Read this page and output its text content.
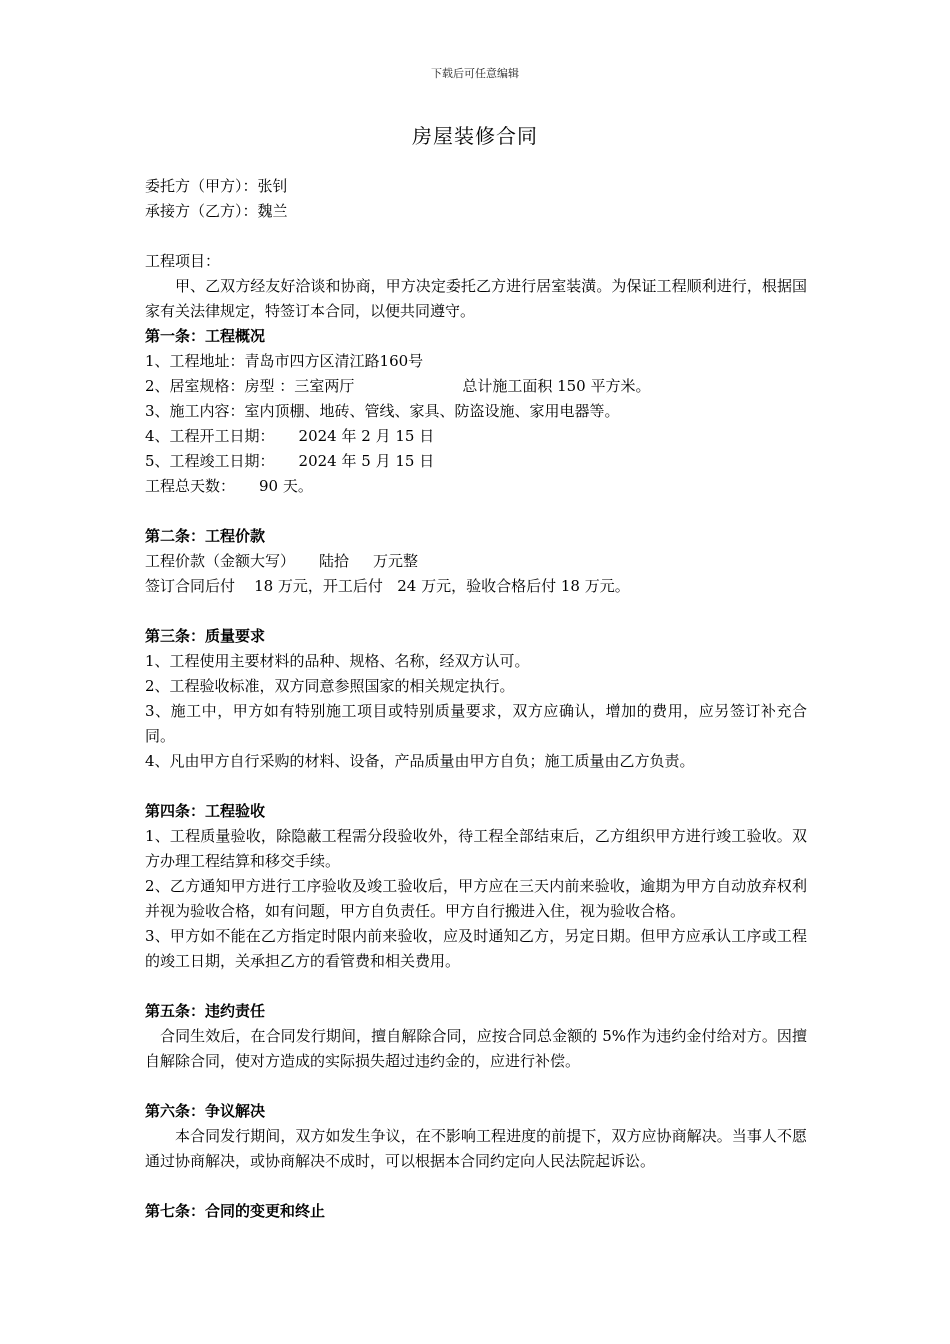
下载后可任意编辑
房屋装修合同
委托方（甲方）：张钊
承接方（乙方）：魏兰
工程项目：
甲、乙双方经友好洽谈和协商，甲方决定委托乙方进行居室装潢。为保证工程顺利进行，根据国家有关法律规定，特签订本合同，以便共同遵守。
第一条：工程概况
1、工程地址：青岛市四方区清江路160号
2、居室规格：房型 ：三室两厅	总计施工面积 150 平方米。
3、施工内容：室内顶棚、地砖、管线、家具、防盗设施、家用电器等。
4、工程开工日期： 2024 年 2 月 15 日
5、工程竣工日期： 2024 年 5 月 15 日
工程总天数： 90 天。
第二条：工程价款
工程价款（金额大写） 陆拾 万元整
签订合同后付    18 万元，开工后付   24 万元，验收合格后付 18 万元。
第三条：质量要求
1、工程使用主要材料的品种、规格、名称，经双方认可。
2、工程验收标准，双方同意参照国家的相关规定执行。
3、施工中，甲方如有特别施工项目或特别质量要求，双方应确认，增加的费用，应另签订补充合同。
4、凡由甲方自行采购的材料、设备，产品质量由甲方自负；施工质量由乙方负责。
第四条：工程验收
1、工程质量验收，除隐蔽工程需分段验收外，待工程全部结束后，乙方组织甲方进行竣工验收。双方办理工程结算和移交手续。
2、乙方通知甲方进行工序验收及竣工验收后，甲方应在三天内前来验收，逾期为甲方自动放弃权利并视为验收合格，如有问题，甲方自负责任。甲方自行搬进入住，视为验收合格。
3、甲方如不能在乙方指定时限内前来验收，应及时通知乙方，另定日期。但甲方应承认工序或工程的竣工日期，关承担乙方的看管费和相关费用。
第五条：违约责任
合同生效后，在合同发行期间，擅自解除合同，应按合同总金额的 5%作为违约金付给对方。因擅自解除合同，使对方造成的实际损失超过违约金的，应进行补偿。
第六条：争议解决
本合同发行期间，双方如发生争议，在不影响工程进度的前提下，双方应协商解决。当事人不愿通过协商解决，或协商解决不成时，可以根据本合同约定向人民法院起诉讼。
第七条：合同的变更和终止
